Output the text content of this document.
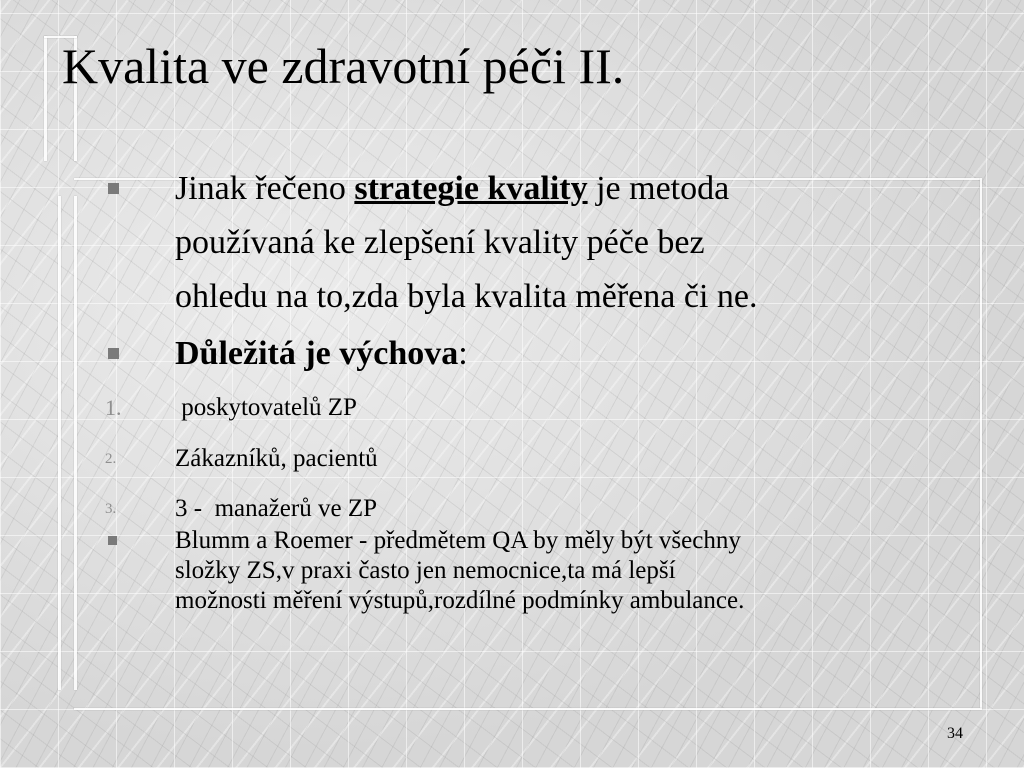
Kvalita ve zdravotní péči II.
Jinak řečeno strategie kvality je metoda
používaná ke zlepšení kvality péče bez
ohledu na to,zda byla kvalita měřena či ne.
Důležitá je výchova:
1. poskytovatelů ZP
2. Zákazníků, pacientů
3. 3 -  manažerů ve ZP
Blumm a Roemer - předmětem QA by měly být všechny
složky ZS,v praxi často jen nemocnice,ta má lepší
možnosti měření výstupů,rozdílné podmínky ambulance.
34
